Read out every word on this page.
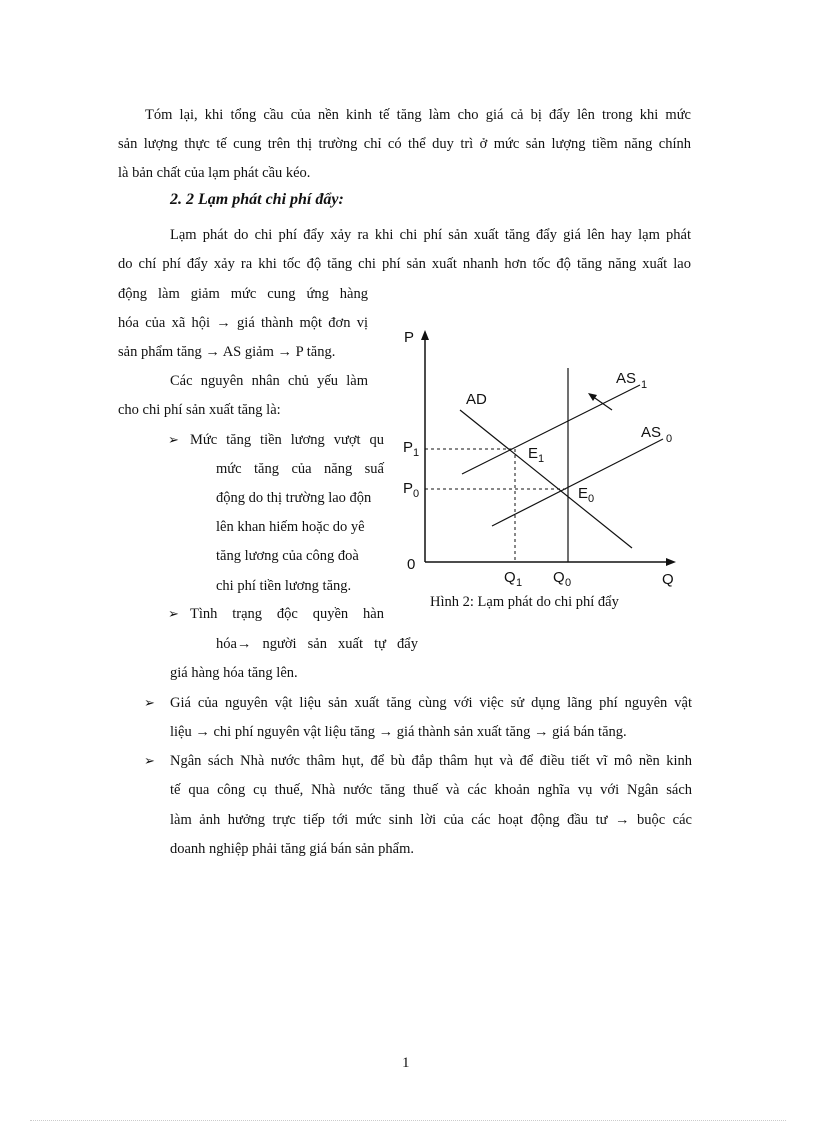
Tóm lại, khi tổng cầu của nền kinh tế tăng làm cho giá cả bị đẩy lên trong khi mức
sản lượng thực tế cung trên thị trường chỉ có thể duy trì ở mức sản lượng tiềm năng chính
là bản chất của lạm phát cầu kéo.
2. 2 Lạm phát chi phí đẩy:
Lạm phát do chi phí đẩy xảy ra khi chi phí sản xuất tăng đẩy giá lên hay lạm phát
do chí phí đẩy xảy ra khi tốc độ tăng chi phí sản xuất nhanh hơn tốc độ tăng năng xuất lao
động làm giảm mức cung ứng hàng
hóa của xã hội → giá thành một đơn vị
sản phẩm tăng → AS giảm → P tăng.
Các nguyên nhân chủ yếu làm
cho chi phí sản xuất tăng là:
➢ Mức tăng tiền lương vượt qu
mức tăng của năng suấ
động do thị trường lao độn
lên khan hiếm hoặc do yê
tăng lương của công đoà
chi phí tiền lương tăng.
➢ Tình trạng độc quyền hàn
hóa→ người sản xuất tự đẩy
giá hàng hóa tăng lên.
➢ Giá của nguyên vật liệu sản xuất tăng cùng với việc sử dụng lãng phí nguyên vật
liệu → chi phí nguyên vật liệu tăng → giá thành sản xuất tăng → giá bán tăng.
➢ Ngân sách Nhà nước thâm hụt, để bù đắp thâm hụt và để điều tiết vĩ mô nền kinh
tế qua công cụ thuế, Nhà nước tăng thuế và các khoản nghĩa vụ với Ngân sách
làm ảnh hưởng trực tiếp tới mức sinh lời của các hoạt động đầu tư → buộc các
doanh nghiệp phải tăng giá bán sản phẩm.
P
Q
0
AD
AS 1
AS 0
P 1
P 0
E 1
E 0
Q 1 Q 0
Hình 2: Lạm phát do chi phí đẩy
1
